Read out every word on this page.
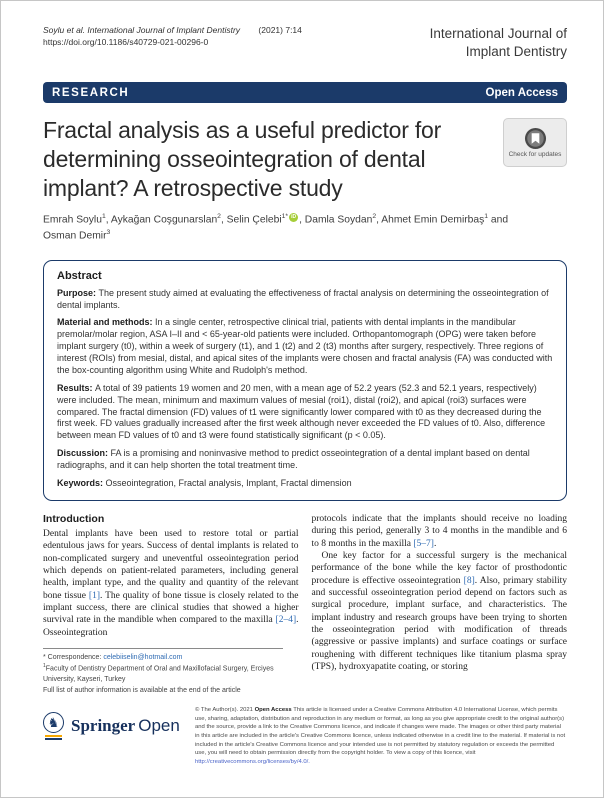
Soylu et al. International Journal of Implant Dentistry (2021) 7:14
https://doi.org/10.1186/s40729-021-00296-0
International Journal of
Implant Dentistry
RESEARCH	Open Access
Fractal analysis as a useful predictor for determining osseointegration of dental implant? A retrospective study
Check for updates

Emrah Soylu$^1$, Aykağan Coşgunarslan$^2$, Selin Çelebi$^{1*}$ iD , Damla Soydan$^2$, Ahmet Emin Demirbaş$^1$ and Osman Demir$^3$

Abstract

Purpose: The present study aimed at evaluating the effectiveness of fractal analysis on determining the osseointegration of dental implants.

Material and methods: In a single center, retrospective clinical trial, patients with dental implants in the mandibular premolar/molar region, ASA I–II and < 65-year-old patients were included. Orthopantomograph (OPG) were taken before implant surgery (t0), within a week of surgery (t1), and 1 (t2) and 2 (t3) months after surgery, respectively. Three regions of interest (ROIs) from mesial, distal, and apical sites of the implants were chosen and fractal analysis (FA) was conducted with the box-counting algorithm using White and Rudolph's method.

Results: A total of 39 patients 19 women and 20 men, with a mean age of 52.2 years (52.3 and 52.1 years, respectively) were included. The mean, minimum and maximum values of mesial (roi1), distal (roi2), and apical (roi3) surfaces were compared. The fractal dimension (FD) values of t1 were significantly lower compared with t0 as they decreased during the first week. FD values gradually increased after the first week although never exceeded the FD values of t0. Also, difference between mean FD values of t0 and t3 were found statistically significant (p < 0.05).

Discussion: FA is a promising and noninvasive method to predict osseointegration of a dental implant based on dental radiographs, and it can help shorten the total treatment time.

Keywords: Osseointegration, Fractal analysis, Implant, Fractal dimension

Introduction

Dental implants have been used to restore total or partial edentulous jaws for years. Success of dental implants is related to non-complicated surgery and uneventful osseointegration period which depends on patient-related parameters, including general health, implant type, and the quality and quantity of the relevant bone tissue [1]. The quality of bone tissue is closely related to the implant success, there are clinical studies that showed a higher survival rate in the mandible when compared to the maxilla [2–4]. Osseointegration

* Correspondence: celebiiselin@hotmail.com
$^1$Faculty of Dentistry Department of Oral and Maxillofacial Surgery, Erciyes University, Kayseri, Turkey
Full list of author information is available at the end of the article

protocols indicate that the implants should receive no loading during this period, generally 3 to 4 months in the mandible and 6 to 8 months in the maxilla [5–7].

One key factor for a successful surgery is the mechanical performance of the bone while the key factor of prosthodontic procedure is effective osseointegration [8]. Also, primary stability and successful osseointegration period depend on factors such as surgical procedure, implant surface, and characteristics. The implant industry and research groups have been trying to shorten the osseointegration period with modification of threads (aggressive or passive implants) and surface coatings or surface roughening with different techniques like titanium plasma spray (TPS), hydroxyapatite coating, or storing

♞ Springer Open

© The Author(s). 2021 Open Access This article is licensed under a Creative Commons Attribution 4.0 International License, which permits use, sharing, adaptation, distribution and reproduction in any medium or format, as long as you give appropriate credit to the original author(s) and the source, provide a link to the Creative Commons licence, and indicate if changes were made. The images or other third party material in this article are included in the article's Creative Commons licence, unless indicated otherwise in a credit line to the material. If material is not included in the article's Creative Commons licence and your intended use is not permitted by statutory regulation or exceeds the permitted use, you will need to obtain permission directly from the copyright holder. To view a copy of this licence, visit http://creativecommons.org/licenses/by/4.0/.
